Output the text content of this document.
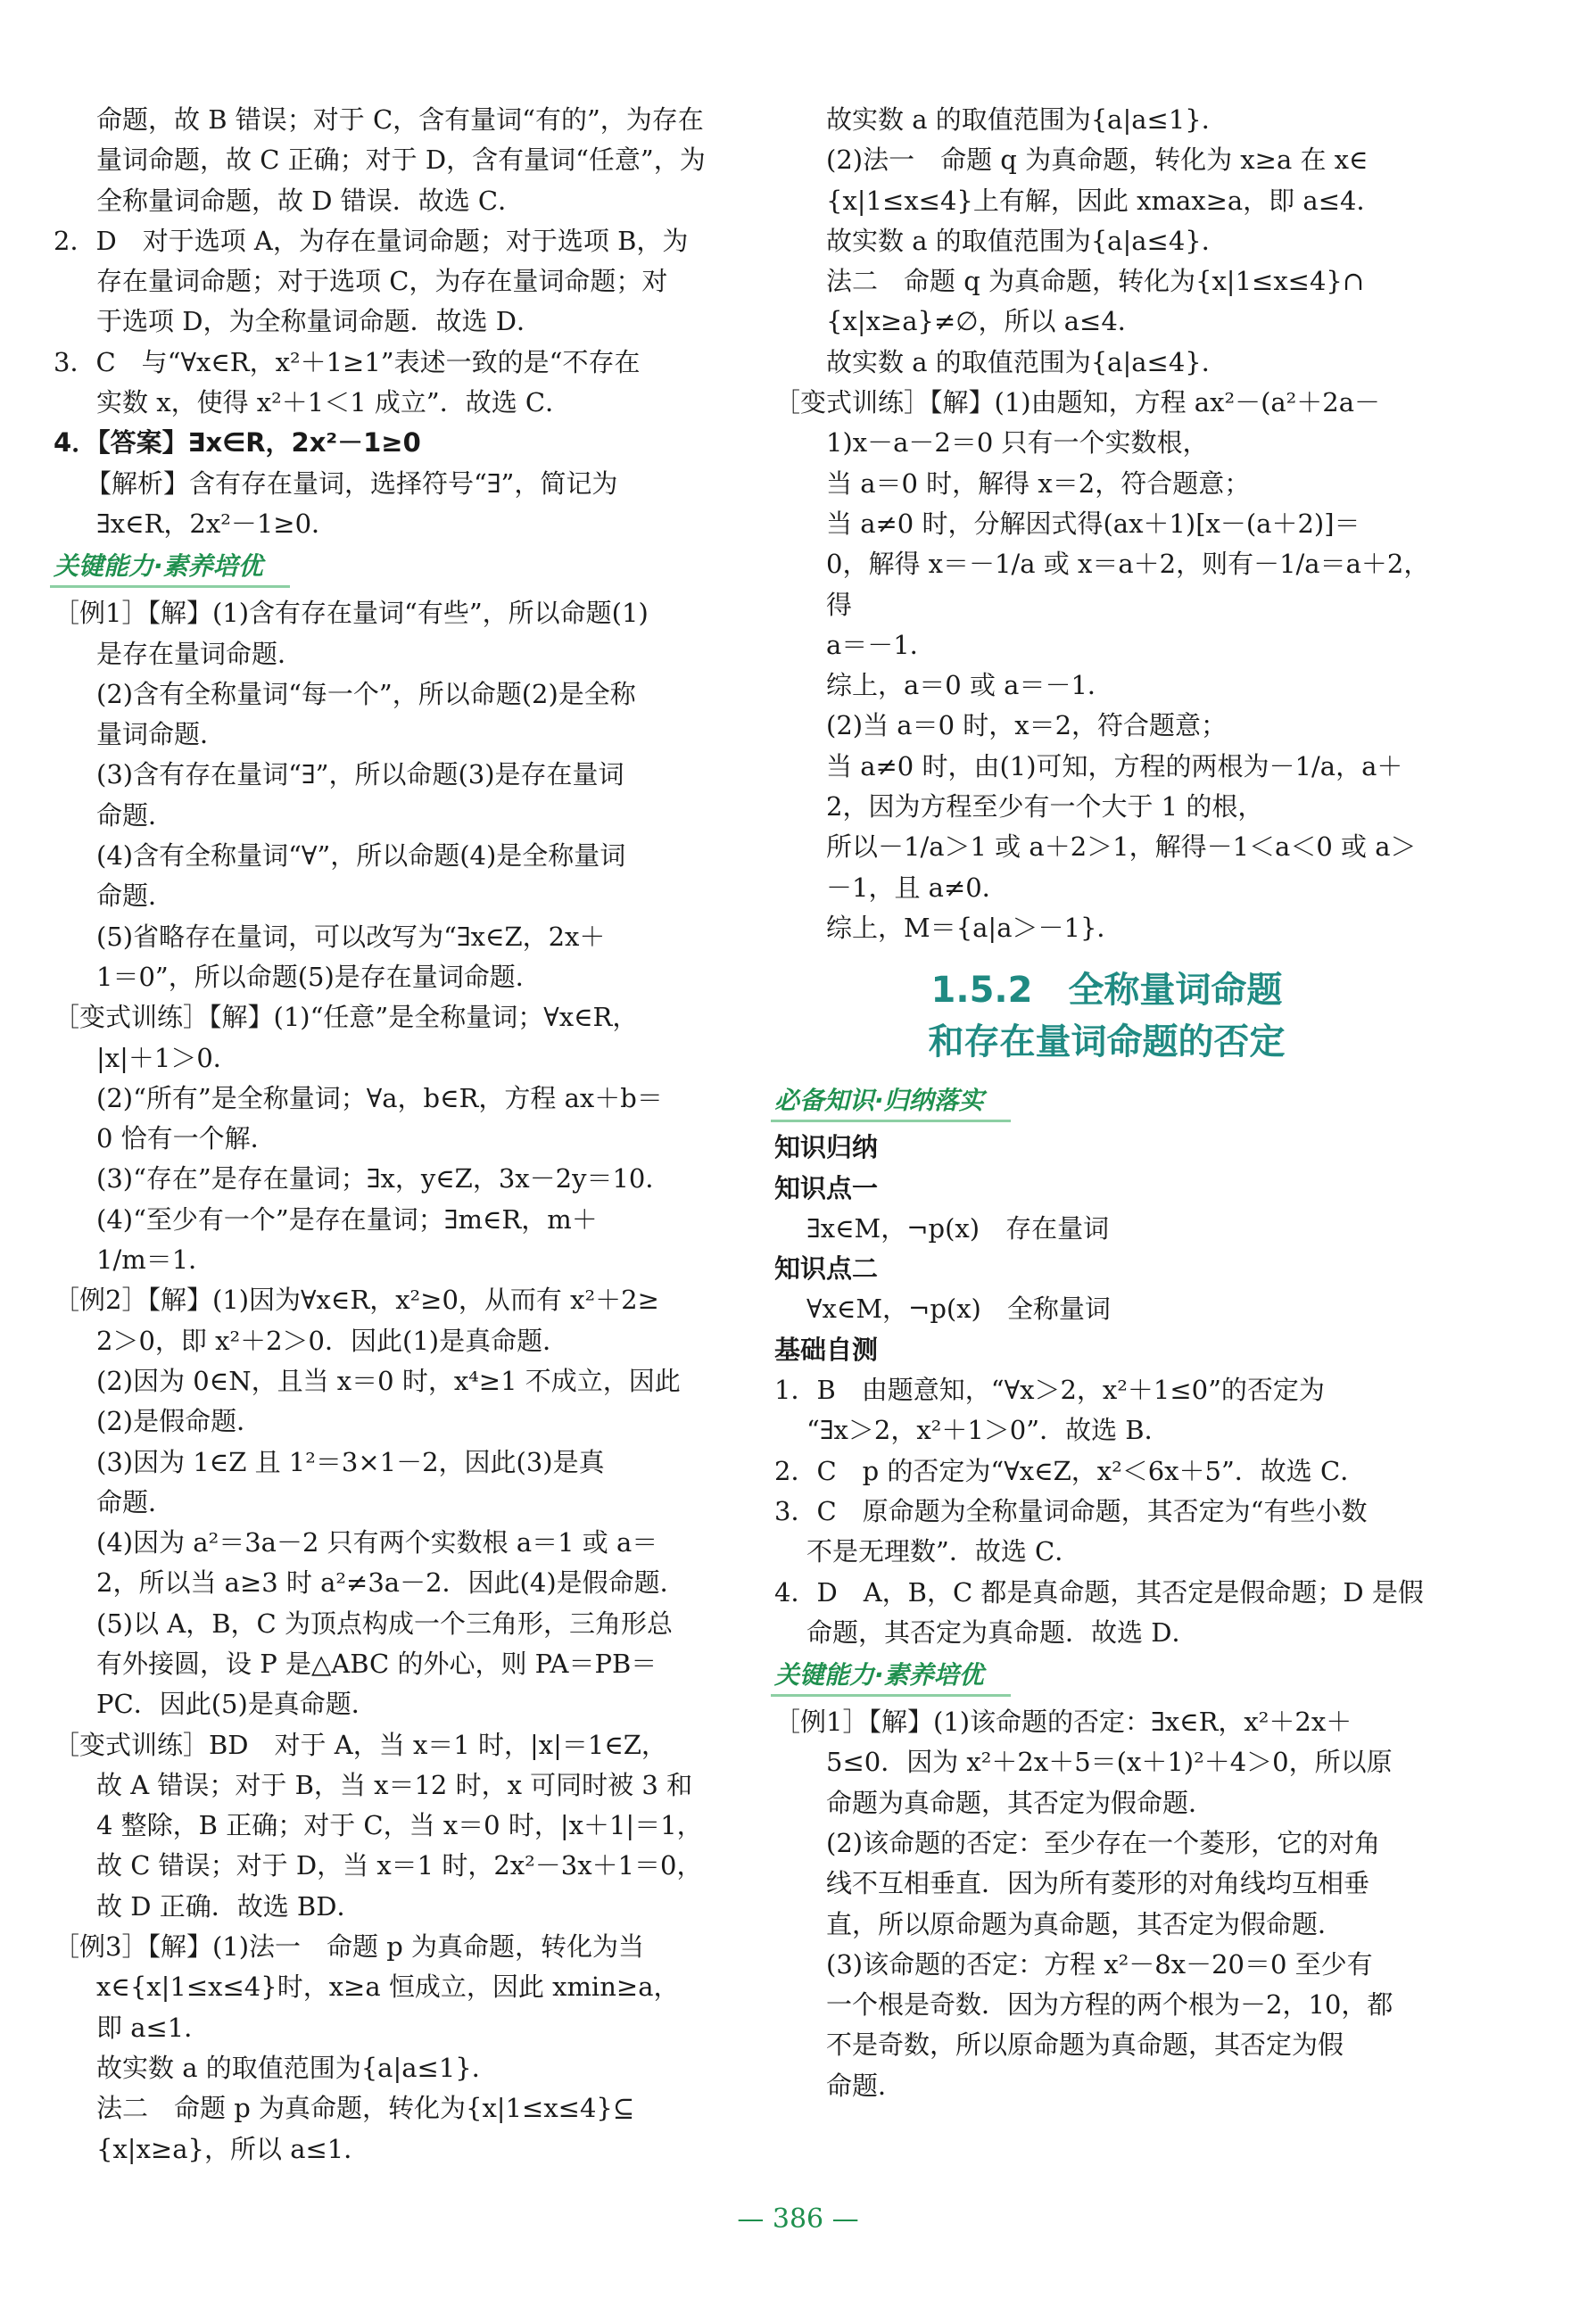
命题，故 B 错误；对于 C，含有量词“有的”，为存在
量词命题，故 C 正确；对于 D，含有量词“任意”，为
全称量词命题，故 D 错误．故选 C．
2．D　对于选项 A，为存在量词命题；对于选项 B，为
存在量词命题；对于选项 C，为存在量词命题；对
于选项 D，为全称量词命题．故选 D．
3．C　与“∀x∈R，x²＋1≥1”表述一致的是“不存在
实数 x，使得 x²＋1＜1 成立”．故选 C．
4．【答案】∃x∈R，2x²－1≥0
【解析】含有存在量词，选择符号“∃”，简记为
∃x∈R，2x²－1≥0．
关键能力·素养培优
［例1］【解】(1)含有存在量词“有些”，所以命题(1)
是存在量词命题．
(2)含有全称量词“每一个”，所以命题(2)是全称
量词命题．
(3)含有存在量词“∃”，所以命题(3)是存在量词
命题．
(4)含有全称量词“∀”，所以命题(4)是全称量词
命题．
(5)省略存在量词，可以改写为“∃x∈Z，2x＋
1＝0”，所以命题(5)是存在量词命题．
［变式训练］【解】(1)“任意”是全称量词；∀x∈R，
|x|＋1＞0．
(2)“所有”是全称量词；∀a，b∈R，方程 ax＋b＝
0 恰有一个解．
(3)“存在”是存在量词；∃x，y∈Z，3x－2y＝10．
(4)“至少有一个”是存在量词；∃m∈R，m＋
1/m＝1．
［例2］【解】(1)因为∀x∈R，x²≥0，从而有 x²＋2≥
2＞0，即 x²＋2＞0．因此(1)是真命题．
(2)因为 0∈N，且当 x＝0 时，x⁴≥1 不成立，因此
(2)是假命题．
(3)因为 1∈Z 且 1²＝3×1－2，因此(3)是真
命题．
(4)因为 a²＝3a－2 只有两个实数根 a＝1 或 a＝
2，所以当 a≥3 时 a²≠3a－2．因此(4)是假命题．
(5)以 A，B，C 为顶点构成一个三角形，三角形总
有外接圆，设 P 是△ABC 的外心，则 PA＝PB＝
PC．因此(5)是真命题．
［变式训练］BD　对于 A，当 x＝1 时，|x|＝1∈Z，
故 A 错误；对于 B，当 x＝12 时，x 可同时被 3 和
4 整除，B 正确；对于 C，当 x＝0 时，|x＋1|＝1，
故 C 错误；对于 D，当 x＝1 时，2x²－3x＋1＝0，
故 D 正确．故选 BD．
［例3］【解】(1)法一　命题 p 为真命题，转化为当
x∈{x|1≤x≤4}时，x≥a 恒成立，因此 xmin≥a，
即 a≤1．
故实数 a 的取值范围为{a|a≤1}．
法二　命题 p 为真命题，转化为{x|1≤x≤4}⊆
{x|x≥a}，所以 a≤1．
故实数 a 的取值范围为{a|a≤1}．
(2)法一　命题 q 为真命题，转化为 x≥a 在 x∈
{x|1≤x≤4}上有解，因此 xmax≥a，即 a≤4．
故实数 a 的取值范围为{a|a≤4}．
法二　命题 q 为真命题，转化为{x|1≤x≤4}∩
{x|x≥a}≠∅，所以 a≤4．
故实数 a 的取值范围为{a|a≤4}．
［变式训练］【解】(1)由题知，方程 ax²－(a²＋2a－
1)x－a－2＝0 只有一个实数根，
当 a＝0 时，解得 x＝2，符合题意；
当 a≠0 时，分解因式得(ax＋1)[x－(a＋2)]＝
0，解得 x＝－1/a 或 x＝a＋2，则有－1/a＝a＋2，得
a＝－1．
综上，a＝0 或 a＝－1．
(2)当 a＝0 时，x＝2，符合题意；
当 a≠0 时，由(1)可知，方程的两根为－1/a，a＋
2，因为方程至少有一个大于 1 的根，
所以－1/a＞1 或 a＋2＞1，解得－1＜a＜0 或 a＞
－1，且 a≠0．
综上，M＝{a|a＞－1}．
1.5.2　全称量词命题
和存在量词命题的否定
必备知识·归纳落实
知识归纳
知识点一
∃x∈M，¬p(x)　存在量词
知识点二
∀x∈M，¬p(x)　全称量词
基础自测
1．B　由题意知，“∀x＞2，x²＋1≤0”的否定为
“∃x＞2，x²＋1＞0”．故选 B．
2．C　p 的否定为“∀x∈Z，x²＜6x＋5”．故选 C．
3．C　原命题为全称量词命题，其否定为“有些小数
不是无理数”．故选 C．
4．D　A，B，C 都是真命题，其否定是假命题；D 是假
命题，其否定为真命题．故选 D．
关键能力·素养培优
［例1］【解】(1)该命题的否定：∃x∈R，x²＋2x＋
5≤0．因为 x²＋2x＋5＝(x＋1)²＋4＞0，所以原
命题为真命题，其否定为假命题．
(2)该命题的否定：至少存在一个菱形，它的对角
线不互相垂直．因为所有菱形的对角线均互相垂
直，所以原命题为真命题，其否定为假命题．
(3)该命题的否定：方程 x²－8x－20＝0 至少有
一个根是奇数．因为方程的两个根为－2，10，都
不是奇数，所以原命题为真命题，其否定为假
命题．
— 386 —
